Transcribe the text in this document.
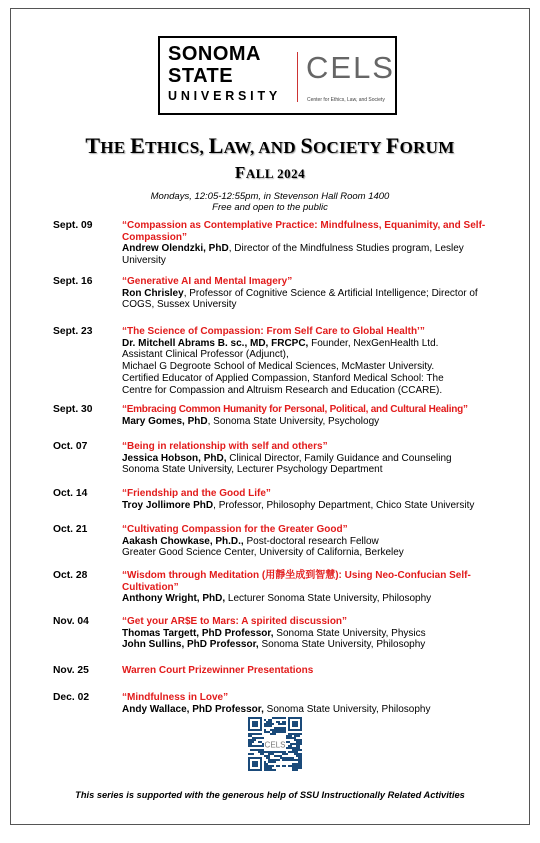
SONOMA
STATE
UNIVERSITY
CELS
Center for Ethics, Law, and Society
THE ETHICS, LAW, AND SOCIETY FORUM
FALL 2024
Mondays, 12:05-12:55pm, in Stevenson Hall Room 1400
Free and open to the public
Sept. 09	“Compassion as Contemplative Practice: Mindfulness, Equanimity, and Self-Compassion”
Andrew Olendzki, PhD, Director of the Mindfulness Studies program, Lesley University
Sept. 16	“Generative AI and Mental Imagery”
Ron Chrisley, Professor of Cognitive Science & Artificial Intelligence; Director of COGS, Sussex University
Sept. 23	“The Science of Compassion: From Self Care to Global Health’”
Dr. Mitchell Abrams B. sc., MD, FRCPC, Founder, NexGenHealth Ltd.
Assistant Clinical Professor (Adjunct),
Michael G Degroote School of Medical Sciences, McMaster University.
Certified Educator of Applied Compassion, Stanford Medical School: The
Centre for Compassion and Altruism Research and Education (CCARE).
Sept. 30	“Embracing Common Humanity for Personal, Political, and Cultural Healing”
Mary Gomes, PhD, Sonoma State University, Psychology
Oct. 07	“Being in relationship with self and others”
Jessica Hobson, PhD, Clinical Director, Family Guidance and Counseling
Sonoma State University, Lecturer Psychology Department
Oct. 14	“Friendship and the Good Life”
Troy Jollimore PhD, Professor, Philosophy Department, Chico State University
Oct. 21	“Cultivating Compassion for the Greater Good”
Aakash Chowkase, Ph.D., Post-doctoral research Fellow
Greater Good Science Center, University of California, Berkeley
Oct. 28	“Wisdom through Meditation (用靜坐成到智慧): Using Neo-Confucian Self-Cultivation”
Anthony Wright, PhD, Lecturer Sonoma State University, Philosophy
Nov. 04	“Get your AR$E to Mars: A spirited discussion”
Thomas Targett, PhD Professor, Sonoma State University, Physics
John Sullins, PhD Professor, Sonoma State University, Philosophy
Nov. 25	Warren Court Prizewinner Presentations
Dec. 02	“Mindfulness in Love”
Andy Wallace, PhD Professor, Sonoma State University, Philosophy
CELS
This series is supported with the generous help of SSU Instructionally Related Activities
